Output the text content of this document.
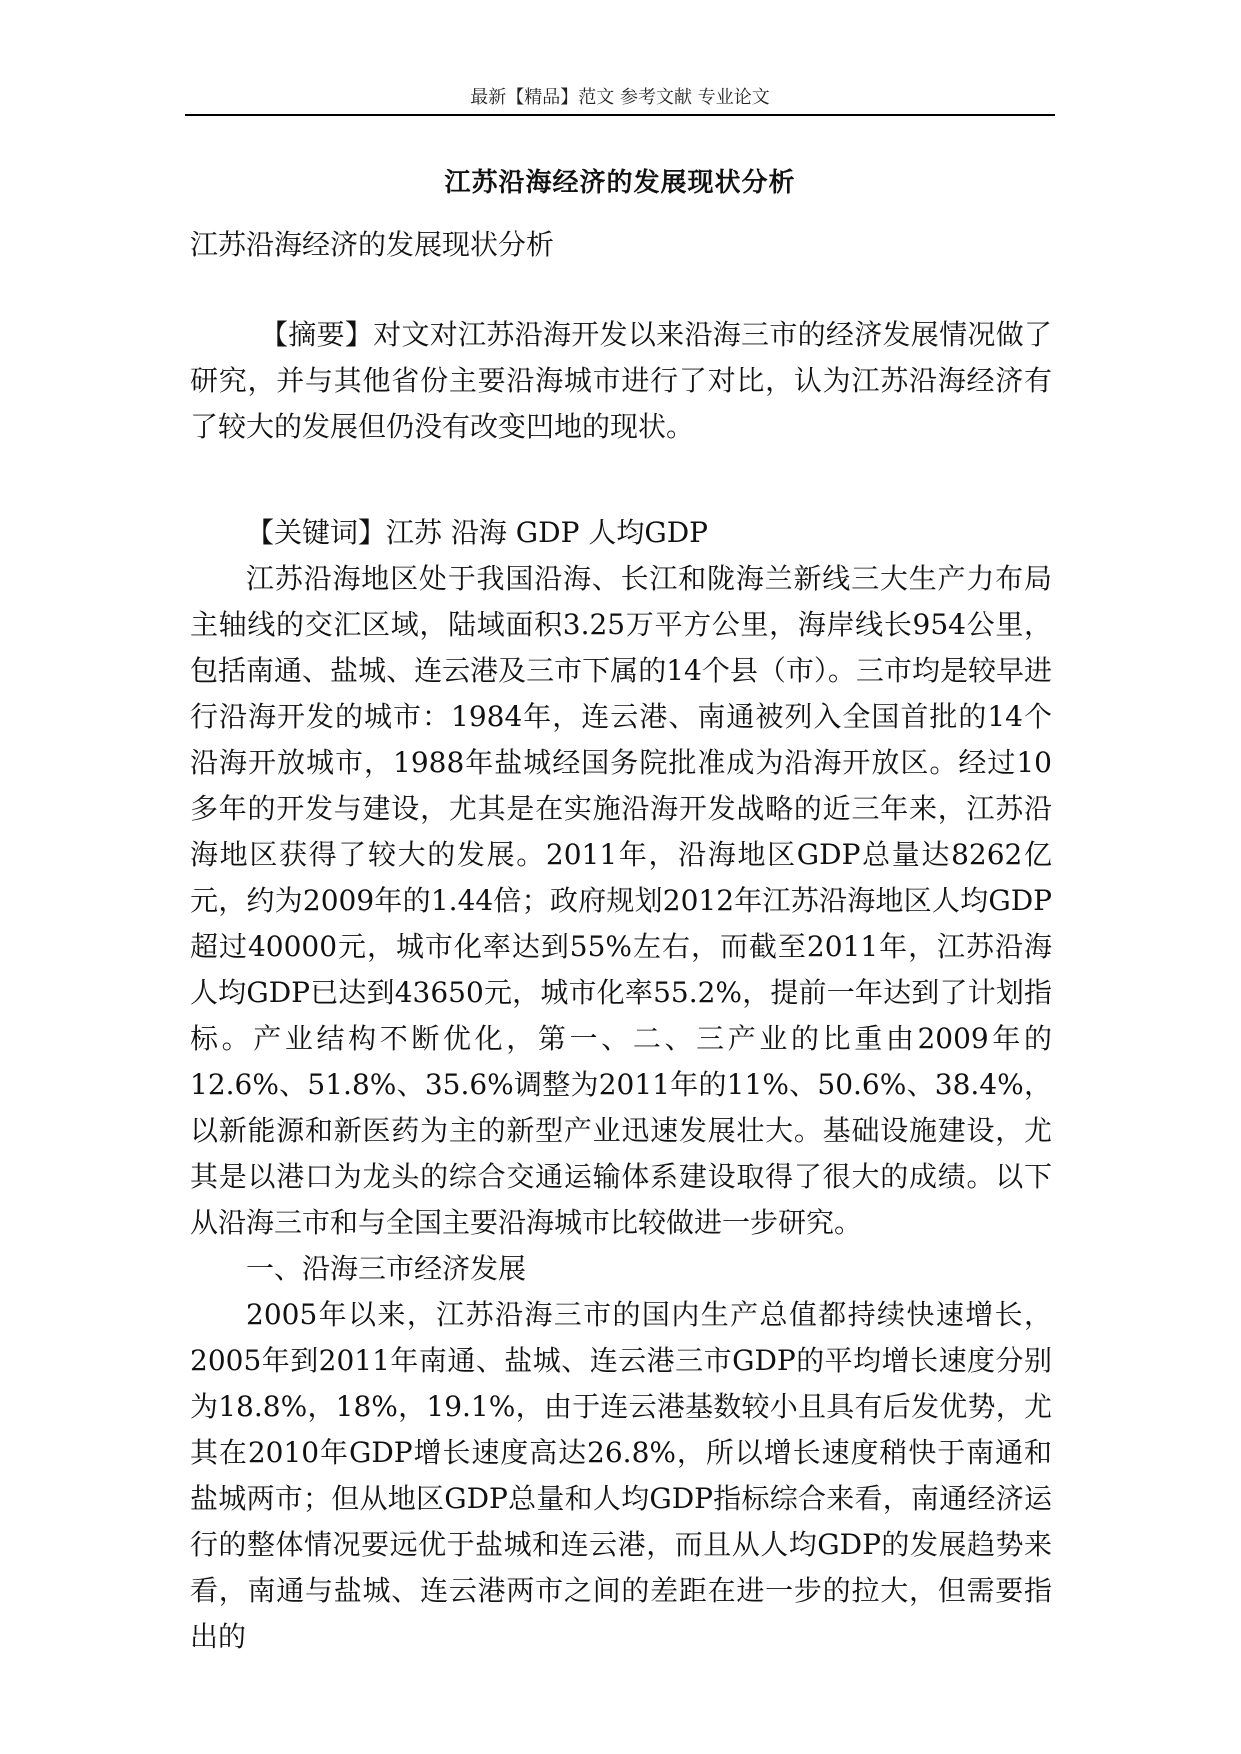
最新【精品】范文 参考文献 专业论文
江苏沿海经济的发展现状分析
江苏沿海经济的发展现状分析

【摘要】对文对江苏沿海开发以来沿海三市的经济发展情况做了研究，并与其他省份主要沿海城市进行了对比，认为江苏沿海经济有了较大的发展但仍没有改变凹地的现状。

【关键词】江苏 沿海 GDP 人均GDP

江苏沿海地区处于我国沿海、长江和陇海兰新线三大生产力布局主轴线的交汇区域，陆域面积3.25万平方公里，海岸线长954公里，包括南通、盐城、连云港及三市下属的14个县（市）。三市均是较早进行沿海开发的城市：1984年，连云港、南通被列入全国首批的14个沿海开放城市，1988年盐城经国务院批准成为沿海开放区。经过10多年的开发与建设，尤其是在实施沿海开发战略的近三年来，江苏沿海地区获得了较大的发展。2011年，沿海地区GDP总量达8262亿元，约为2009年的1.44倍；政府规划2012年江苏沿海地区人均GDP超过40000元，城市化率达到55%左右，而截至2011年，江苏沿海人均GDP已达到43650元，城市化率55.2%，提前一年达到了计划指标。产业结构不断优化，第一、二、三产业的比重由2009年的12.6%、51.8%、35.6%调整为2011年的11%、50.6%、38.4%，以新能源和新医药为主的新型产业迅速发展壮大。基础设施建设，尤其是以港口为龙头的综合交通运输体系建设取得了很大的成绩。以下从沿海三市和与全国主要沿海城市比较做进一步研究。

一、沿海三市经济发展

2005年以来，江苏沿海三市的国内生产总值都持续快速增长，2005年到2011年南通、盐城、连云港三市GDP的平均增长速度分别为18.8%，18%，19.1%，由于连云港基数较小且具有后发优势，尤其在2010年GDP增长速度高达26.8%，所以增长速度稍快于南通和盐城两市；但从地区GDP总量和人均GDP指标综合来看，南通经济运行的整体情况要远优于盐城和连云港，而且从人均GDP的发展趋势来看，南通与盐城、连云港两市之间的差距在进一步的拉大，但需要指出的
